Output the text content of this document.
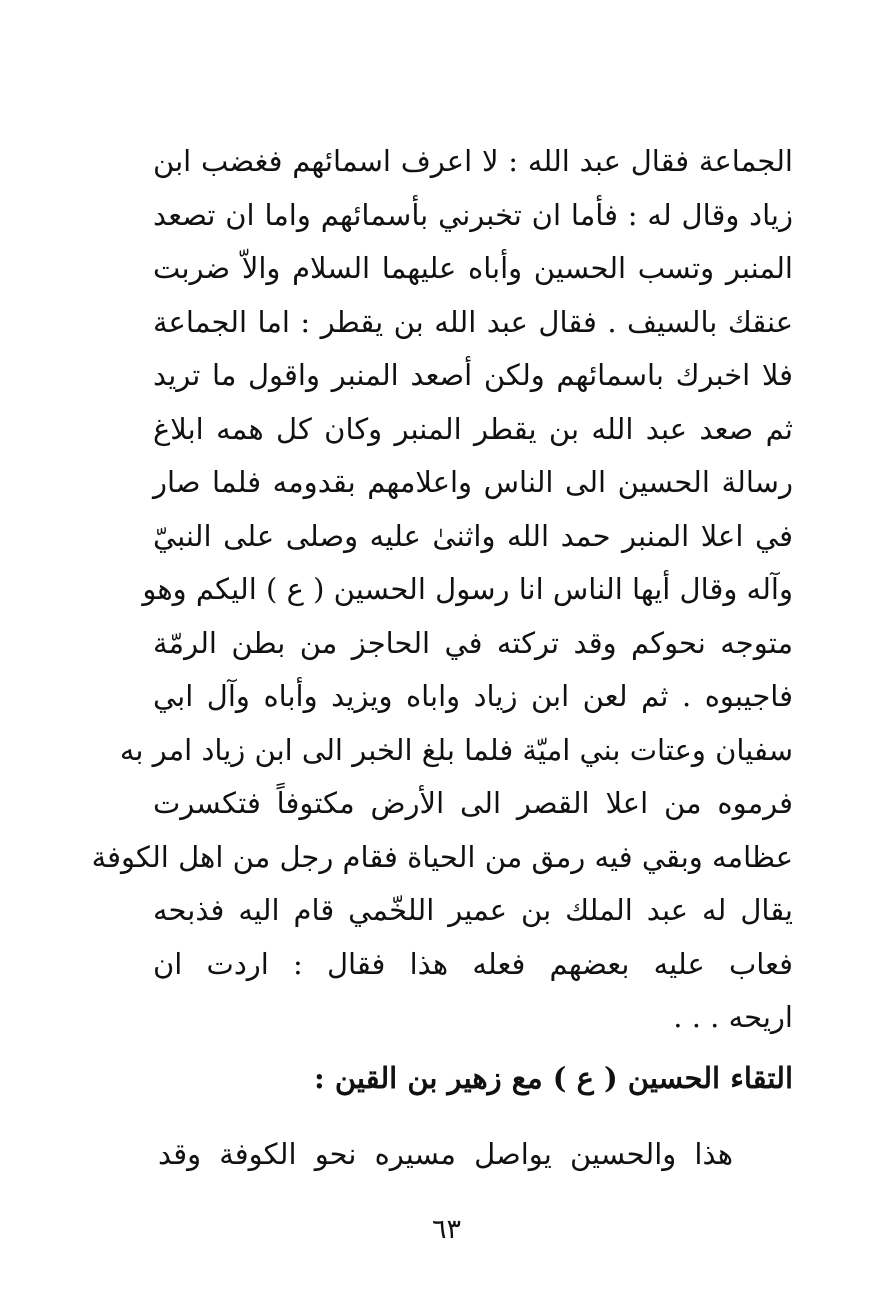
الجماعة فقال عبد الله : لا اعرف اسمائهم فغضب ابن
زياد وقال له : فأما ان تخبرني بأسمائهم واما ان تصعد
المنبر وتسب الحسين وأباه عليهما السلام والاّ ضربت
عنقك بالسيف . فقال عبد الله بن يقطر : اما الجماعة
فلا اخبرك باسمائهم ولكن أصعد المنبر واقول ما تريد
ثم صعد عبد الله بن يقطر المنبر وكان كل همه ابلاغ
رسالة الحسين الى الناس واعلامهم بقدومه فلما صار
في اعلا المنبر حمد الله واثنىٰ عليه وصلى على النبيّ
وآله وقال أيها الناس انا رسول الحسين ( ع ) اليكم وهو
متوجه نحوكم وقد تركته في الحاجز من بطن الرمّة
فاجيبوه . ثم لعن ابن زياد واباه ويزيد وأباه وآل ابي
سفيان وعتات بني اميّة فلما بلغ الخبر الى ابن زياد امر به
فرموه من اعلا القصر الى الأرض مكتوفاً فتكسرت
عظامه وبقي فيه رمق من الحياة فقام رجل من اهل الكوفة
يقال له عبد الملك بن عمير اللخّمي قام اليه فذبحه
فعاب عليه بعضهم فعله هذا فقال : اردت ان
اريحه . . .
التقاء الحسين ( ع ) مع زهير بن القين :
هذا والحسين يواصل مسيره نحو الكوفة وقد
٦٣
